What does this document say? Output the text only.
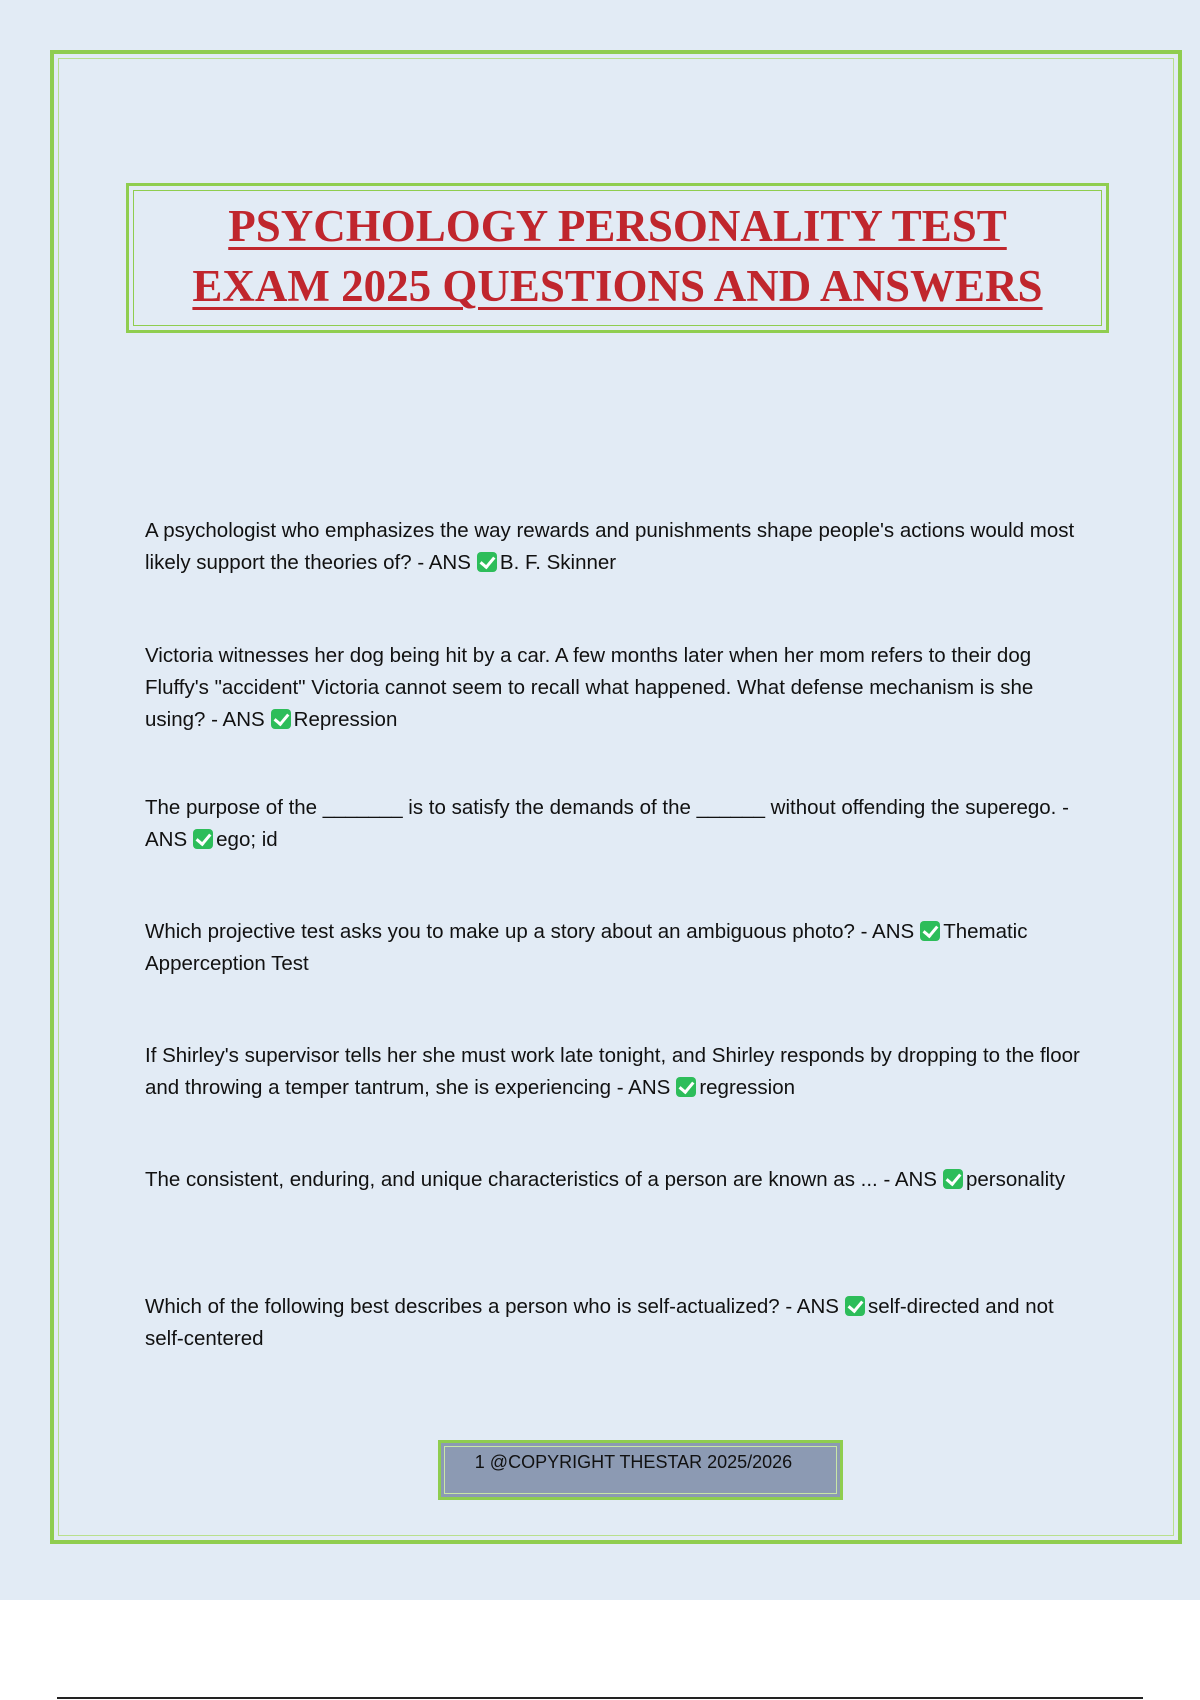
PSYCHOLOGY PERSONALITY TEST
EXAM 2025 QUESTIONS AND ANSWERS
A psychologist who emphasizes the way rewards and punishments shape people's actions would most likely support the theories of? - ANS B. F. Skinner
Victoria witnesses her dog being hit by a car. A few months later when her mom refers to their dog Fluffy's "accident" Victoria cannot seem to recall what happened. What defense mechanism is she using? - ANS Repression
The purpose of the _______ is to satisfy the demands of the ______ without offending the superego. - ANS ego; id
Which projective test asks you to make up a story about an ambiguous photo? - ANS Thematic Apperception Test
If Shirley's supervisor tells her she must work late tonight, and Shirley responds by dropping to the floor and throwing a temper tantrum, she is experiencing - ANS regression
The consistent, enduring, and unique characteristics of a person are known as ... - ANS personality
Which of the following best describes a person who is self-actualized? - ANS self-directed and not self-centered
1 @COPYRIGHT THESTAR 2025/2026
